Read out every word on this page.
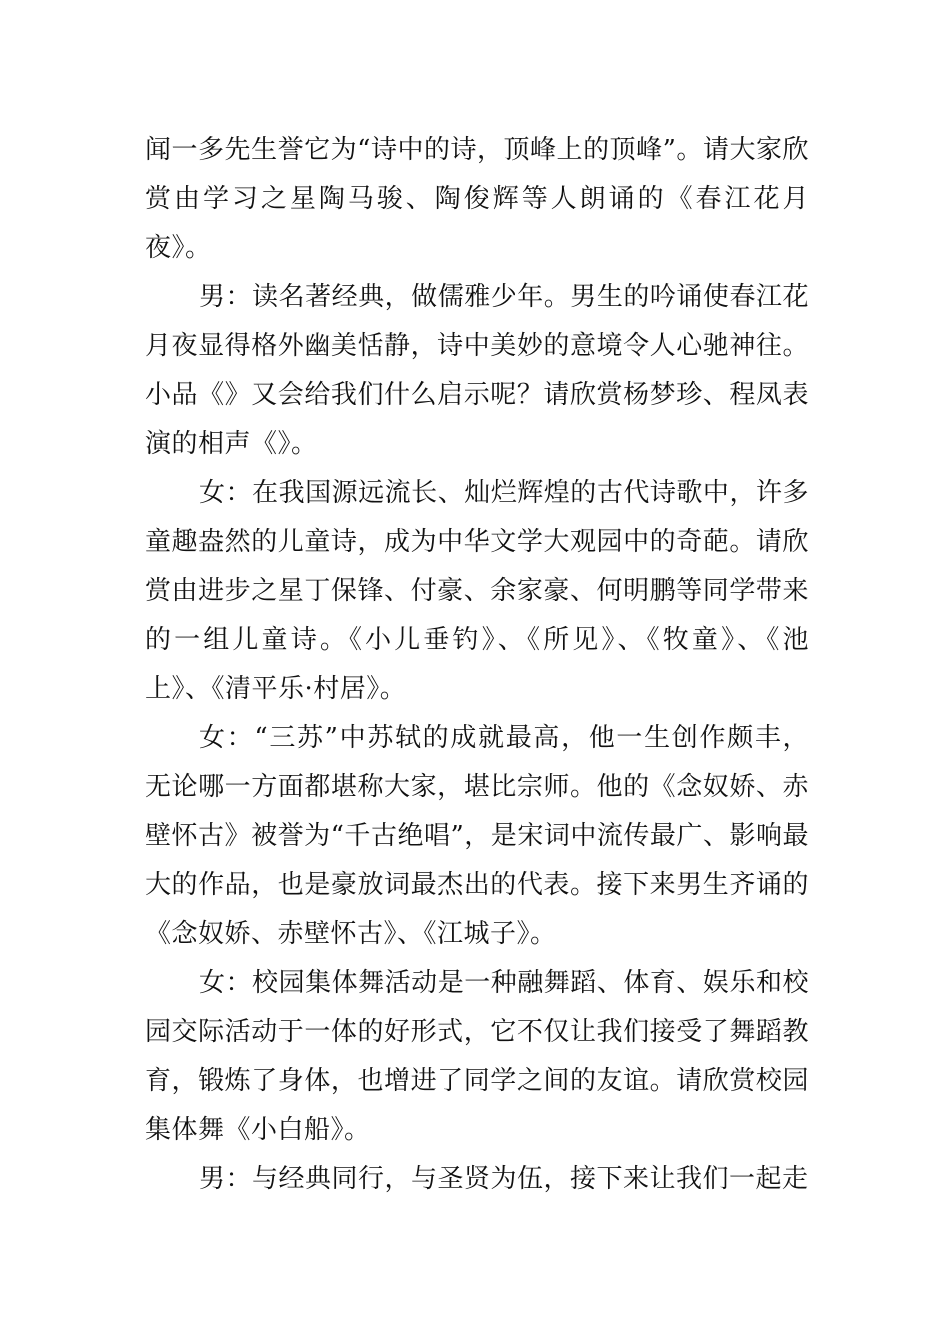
闻一多先生誉它为“诗中的诗，顶峰上的顶峰”。请大家欣赏由学习之星陶马骏、陶俊辉等人朗诵的《春江花月夜》。

男：读名著经典，做儒雅少年。男生的吟诵使春江花月夜显得格外幽美恬静，诗中美妙的意境令人心驰神往。小品《》又会给我们什么启示呢？请欣赏杨梦珍、程凤表演的相声《》。

女：在我国源远流长、灿烂辉煌的古代诗歌中，许多童趣盎然的儿童诗，成为中华文学大观园中的奇葩。请欣赏由进步之星丁保锋、付豪、余家豪、何明鹏等同学带来的一组儿童诗。《小儿垂钓》、《所见》、《牧童》、《池上》、《清平乐·村居》。

女：“三苏”中苏轼的成就最高，他一生创作颇丰，无论哪一方面都堪称大家，堪比宗师。他的《念奴娇、赤壁怀古》被誉为“千古绝唱”，是宋词中流传最广、影响最大的作品，也是豪放词最杰出的代表。接下来男生齐诵的《念奴娇、赤壁怀古》、《江城子》。

女：校园集体舞活动是一种融舞蹈、体育、娱乐和校园交际活动于一体的好形式，它不仅让我们接受了舞蹈教育，锻炼了身体，也增进了同学之间的友谊。请欣赏校园集体舞《小白船》。

男：与经典同行，与圣贤为伍，接下来让我们一起走
